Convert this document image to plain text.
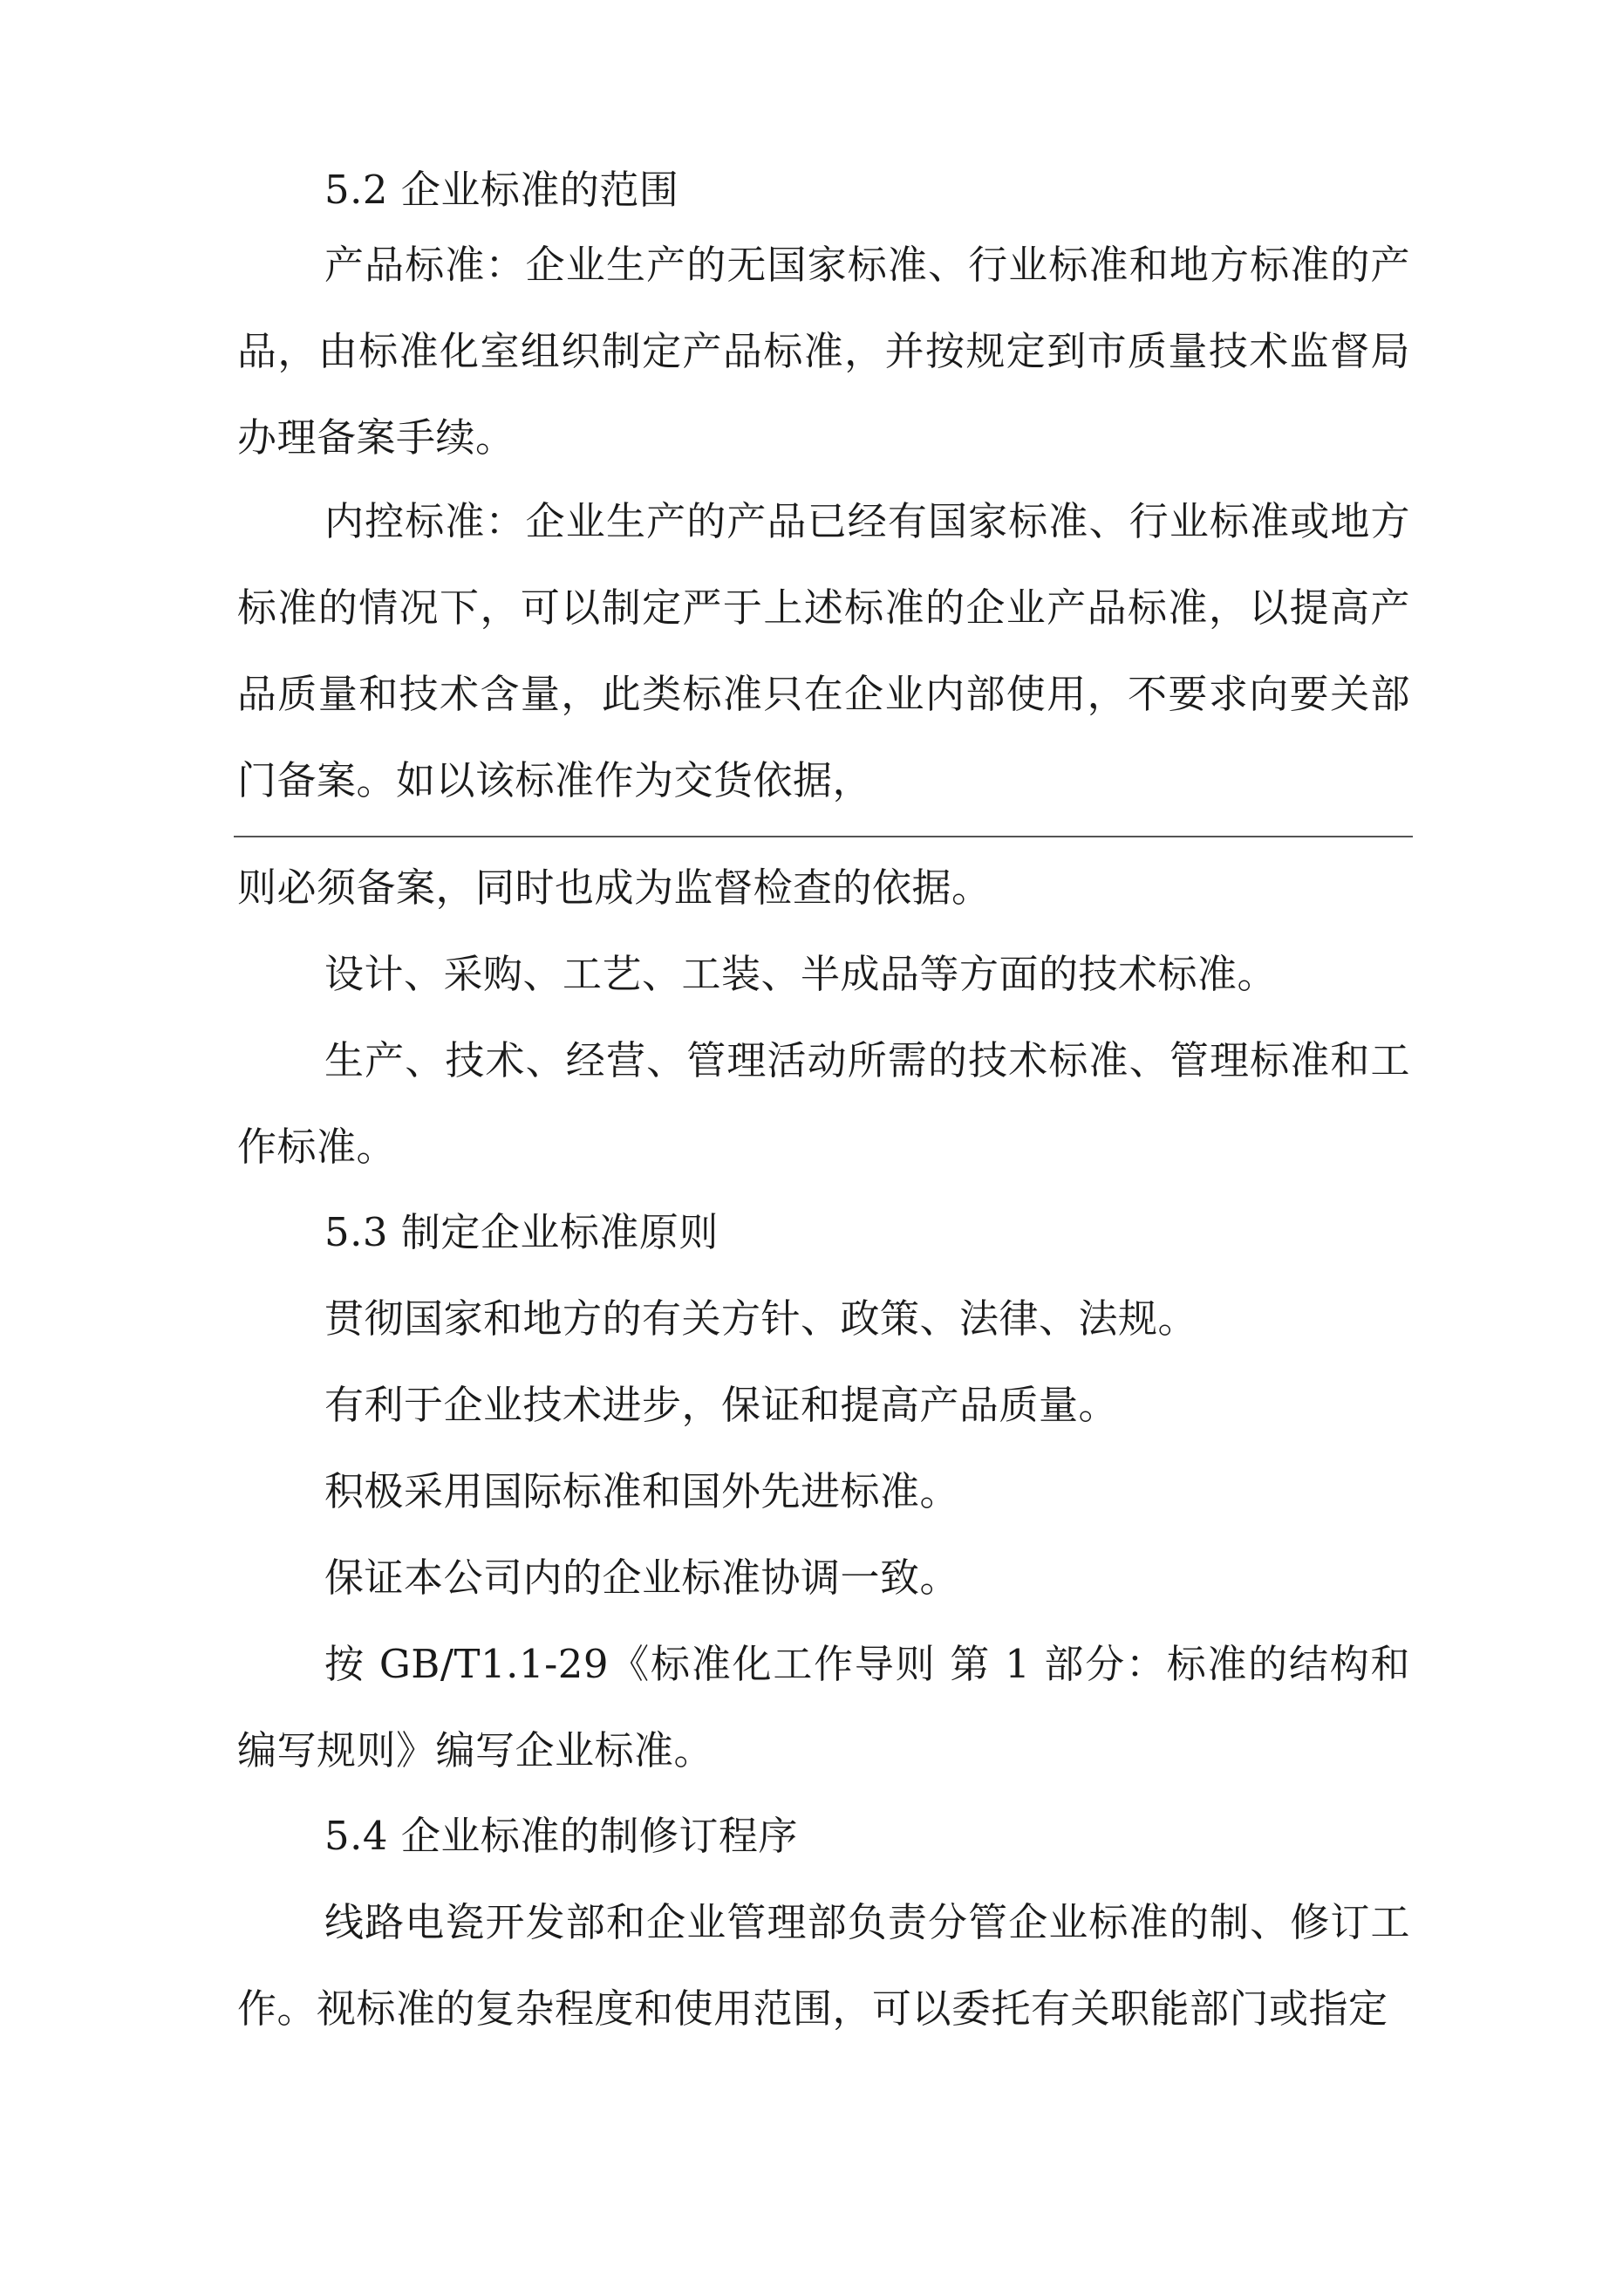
5.2 企业标准的范围

产品标准：企业生产的无国家标准、行业标准和地方标准的产品，由标准化室组织制定产品标准，并按规定到市质量技术监督局办理备案手续。

内控标准：企业生产的产品已经有国家标准、行业标准或地方标准的情况下，可以制定严于上述标准的企业产品标准，以提高产品质量和技术含量，此类标准只在企业内部使用，不要求向要关部门备案。如以该标准作为交货依据，

则必须备案，同时也成为监督检查的依据。

设计、采购、工艺、工装、半成品等方面的技术标准。

生产、技术、经营、管理活动所需的技术标准、管理标准和工作标准。

5.3 制定企业标准原则

贯彻国家和地方的有关方针、政策、法律、法规。

有利于企业技术进步，保证和提高产品质量。

积极采用国际标准和国外先进标准。

保证本公司内的企业标准协调一致。

按 GB/T1.1-29《标准化工作导则 第 1 部分：标准的结构和编写规则》编写企业标准。

5.4 企业标准的制修订程序

线路电瓷开发部和企业管理部负责分管企业标准的制、修订工作。视标准的复杂程度和使用范围，可以委托有关职能部门或指定
